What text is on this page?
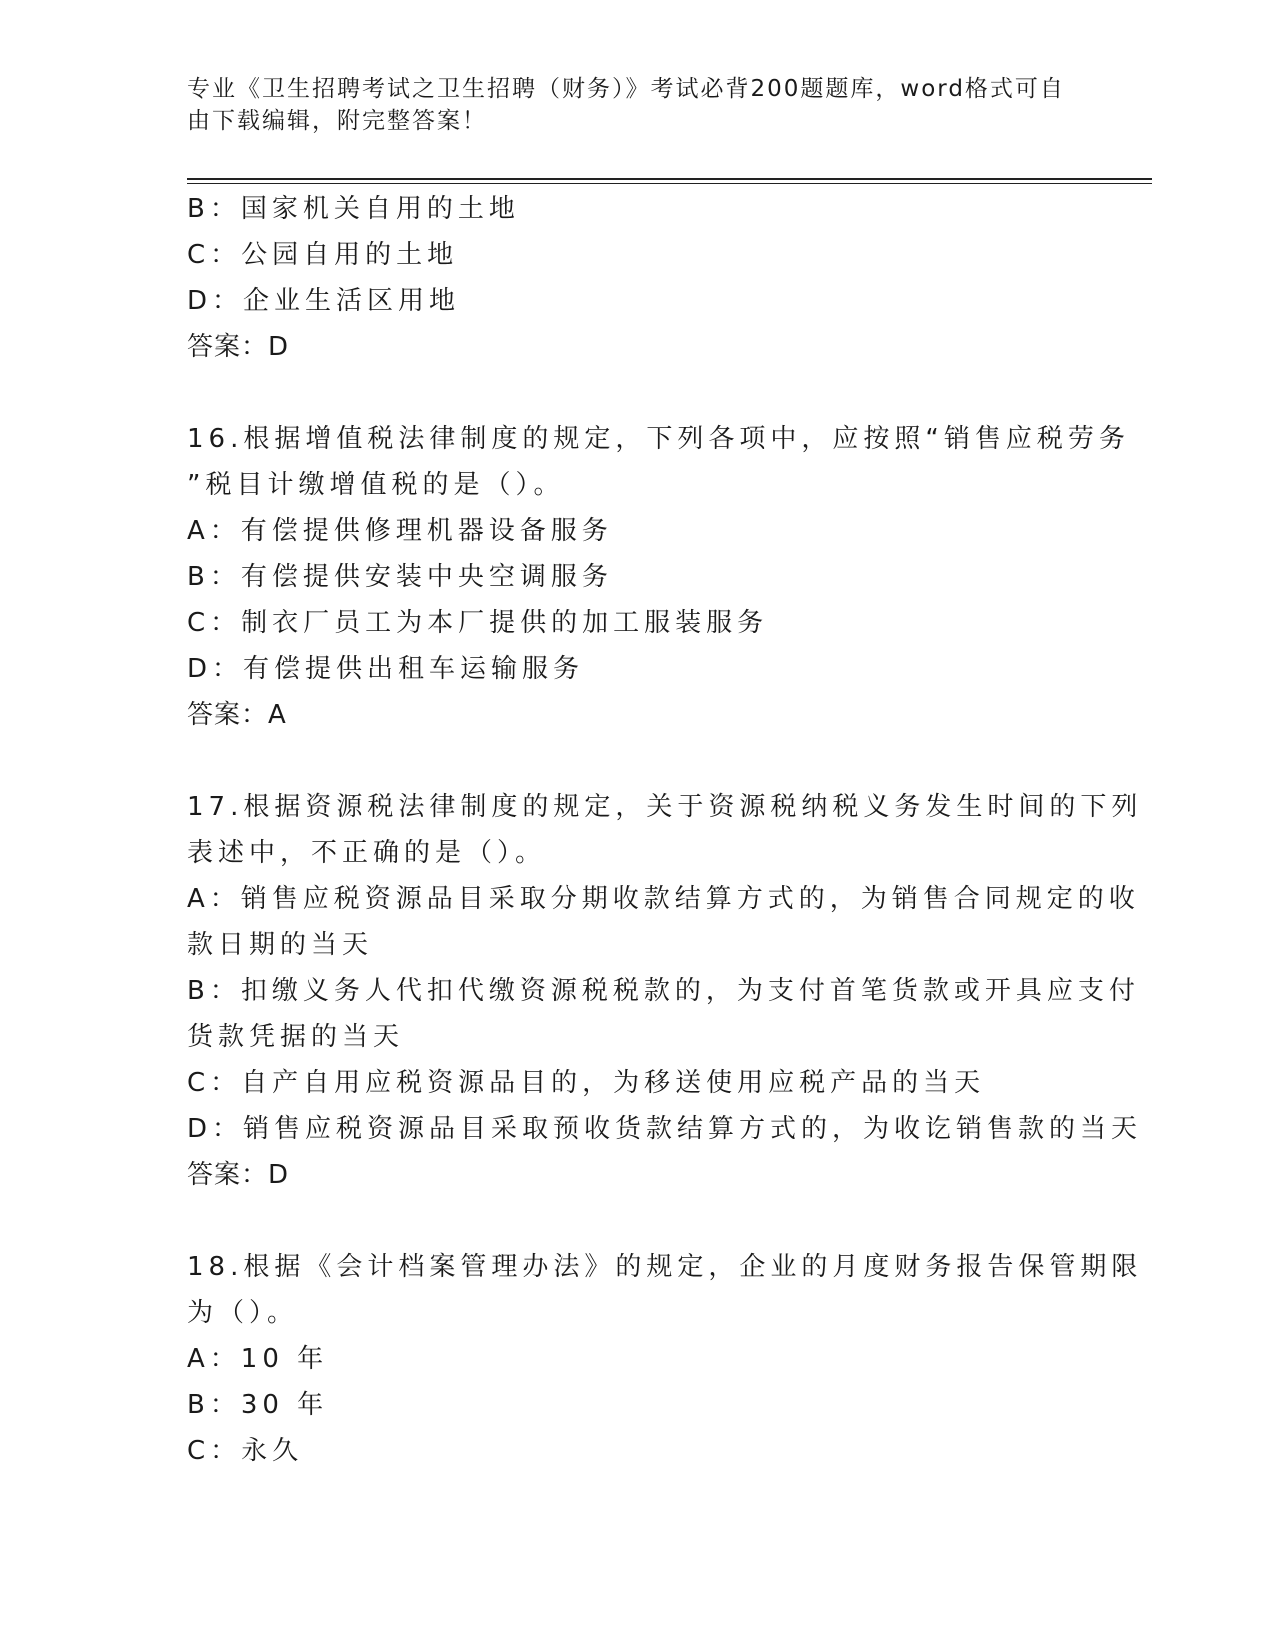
专业《卫生招聘考试之卫生招聘（财务）》考试必背200题题库，word格式可自
由下载编辑，附完整答案！
B：国家机关自用的土地
C：公园自用的土地
D：企业生活区用地
答案：D
16.根据增值税法律制度的规定，下列各项中，应按照“销售应税劳务
”税目计缴增值税的是（）。
A：有偿提供修理机器设备服务
B：有偿提供安装中央空调服务
C：制衣厂员工为本厂提供的加工服装服务
D：有偿提供出租车运输服务
答案：A
17.根据资源税法律制度的规定，关于资源税纳税义务发生时间的下列
表述中，不正确的是（）。
A：销售应税资源品目采取分期收款结算方式的，为销售合同规定的收
款日期的当天
B：扣缴义务人代扣代缴资源税税款的，为支付首笔货款或开具应支付
货款凭据的当天
C：自产自用应税资源品目的，为移送使用应税产品的当天
D：销售应税资源品目采取预收货款结算方式的，为收讫销售款的当天
答案：D
18.根据《会计档案管理办法》的规定，企业的月度财务报告保管期限
为（）。
A：10 年
B：30 年
C：永久
